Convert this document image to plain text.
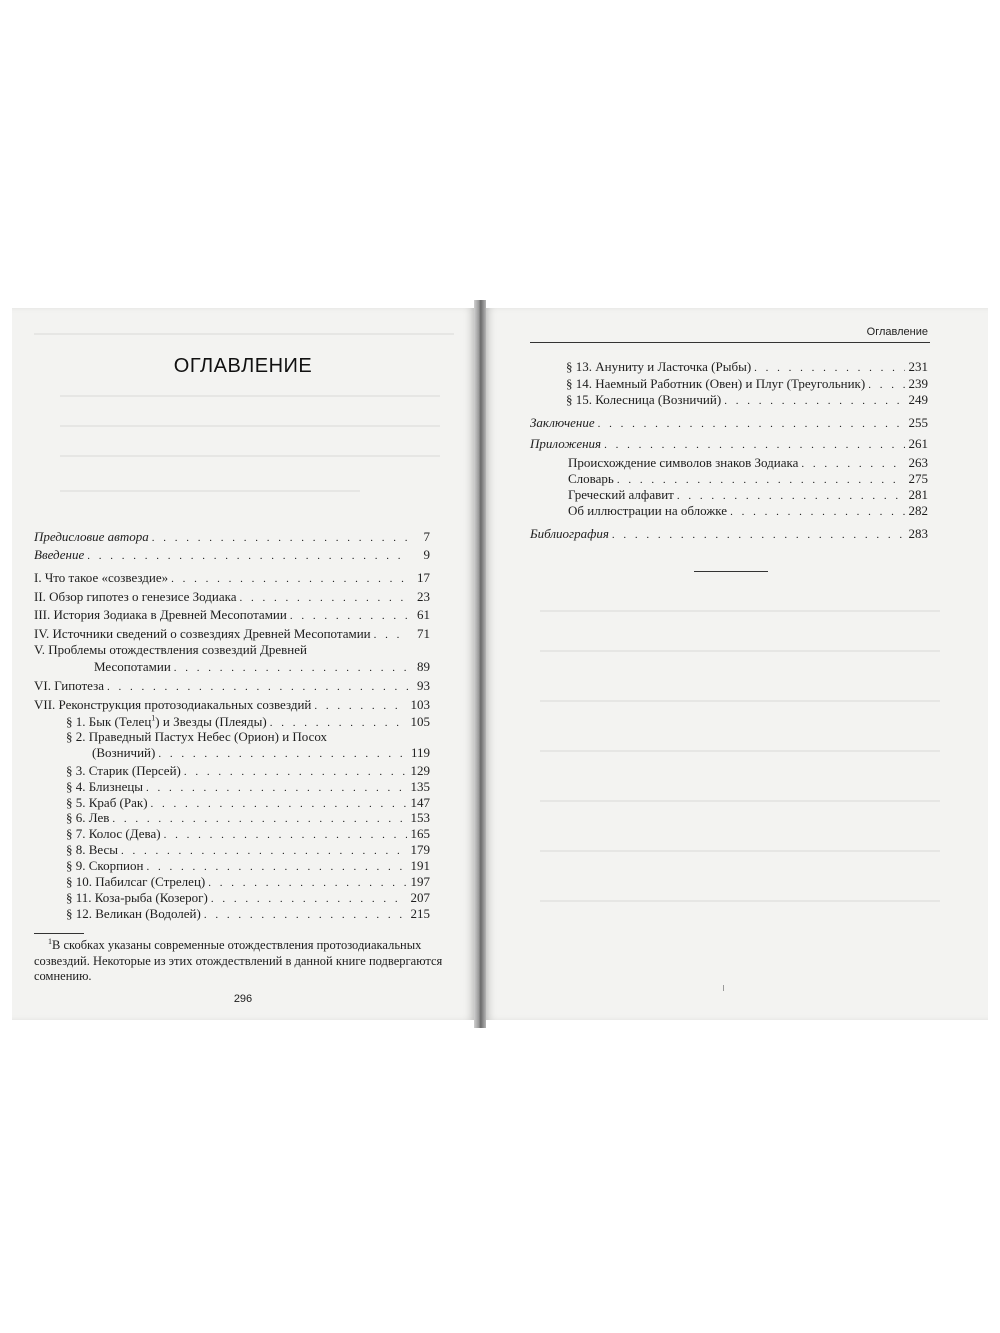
ОГЛАВЛЕНИЕ
Предисловие автора . . .	7
Введение . . .	9
I. Что такое «созвездие» . . .	17
II. Обзор гипотез о генезисе Зодиака . . .	23
III. История Зодиака в Древней Месопотамии . . .	61
IV. Источники сведений о созвездиях Древней Месопотамии . . .	71
V. Проблемы отождествления созвездий Древней
Месопотамии . . .	89
VI. Гипотеза . . .	93
VII. Реконструкция протозодиакальных созвездий . . .	103
§ 1. Бык (Телец$^1$) и Звезды (Плеяды) . . .	105
§ 2. Праведный Пастух Небес (Орион) и Посох
(Возничий) . . .	119
§ 3. Старик (Персей) . . .	129
§ 4. Близнецы . . .	135
§ 5. Краб (Рак) . . .	147
§ 6. Лев . . .	153
§ 7. Колос (Дева) . . .	165
§ 8. Весы . . .	179
§ 9. Скорпион . . .	191
§ 10. Пабилсаг (Стрелец) . . .	197
§ 11. Коза-рыба (Козерог) . . .	207
§ 12. Великан (Водолей) . . .	215
$^1$В скобках указаны современные отождествления протозодиакальных созвездий. Некоторые из этих отождествлений в данной книге подвергаются сомнению.
296
Оглавление
§ 13. Ануниту и Ласточка (Рыбы) . . .	231
§ 14. Наемный Работник (Овен) и Плуг (Треугольник) . . .	239
§ 15. Колесница (Возничий) . . .	249
Заключение . . .	255
Приложения . . .	261
Происхождение символов знаков Зодиака . . .	263
Словарь . . .	275
Греческий алфавит . . .	281
Об иллюстрации на обложке . . .	282
Библиография . . .	283
